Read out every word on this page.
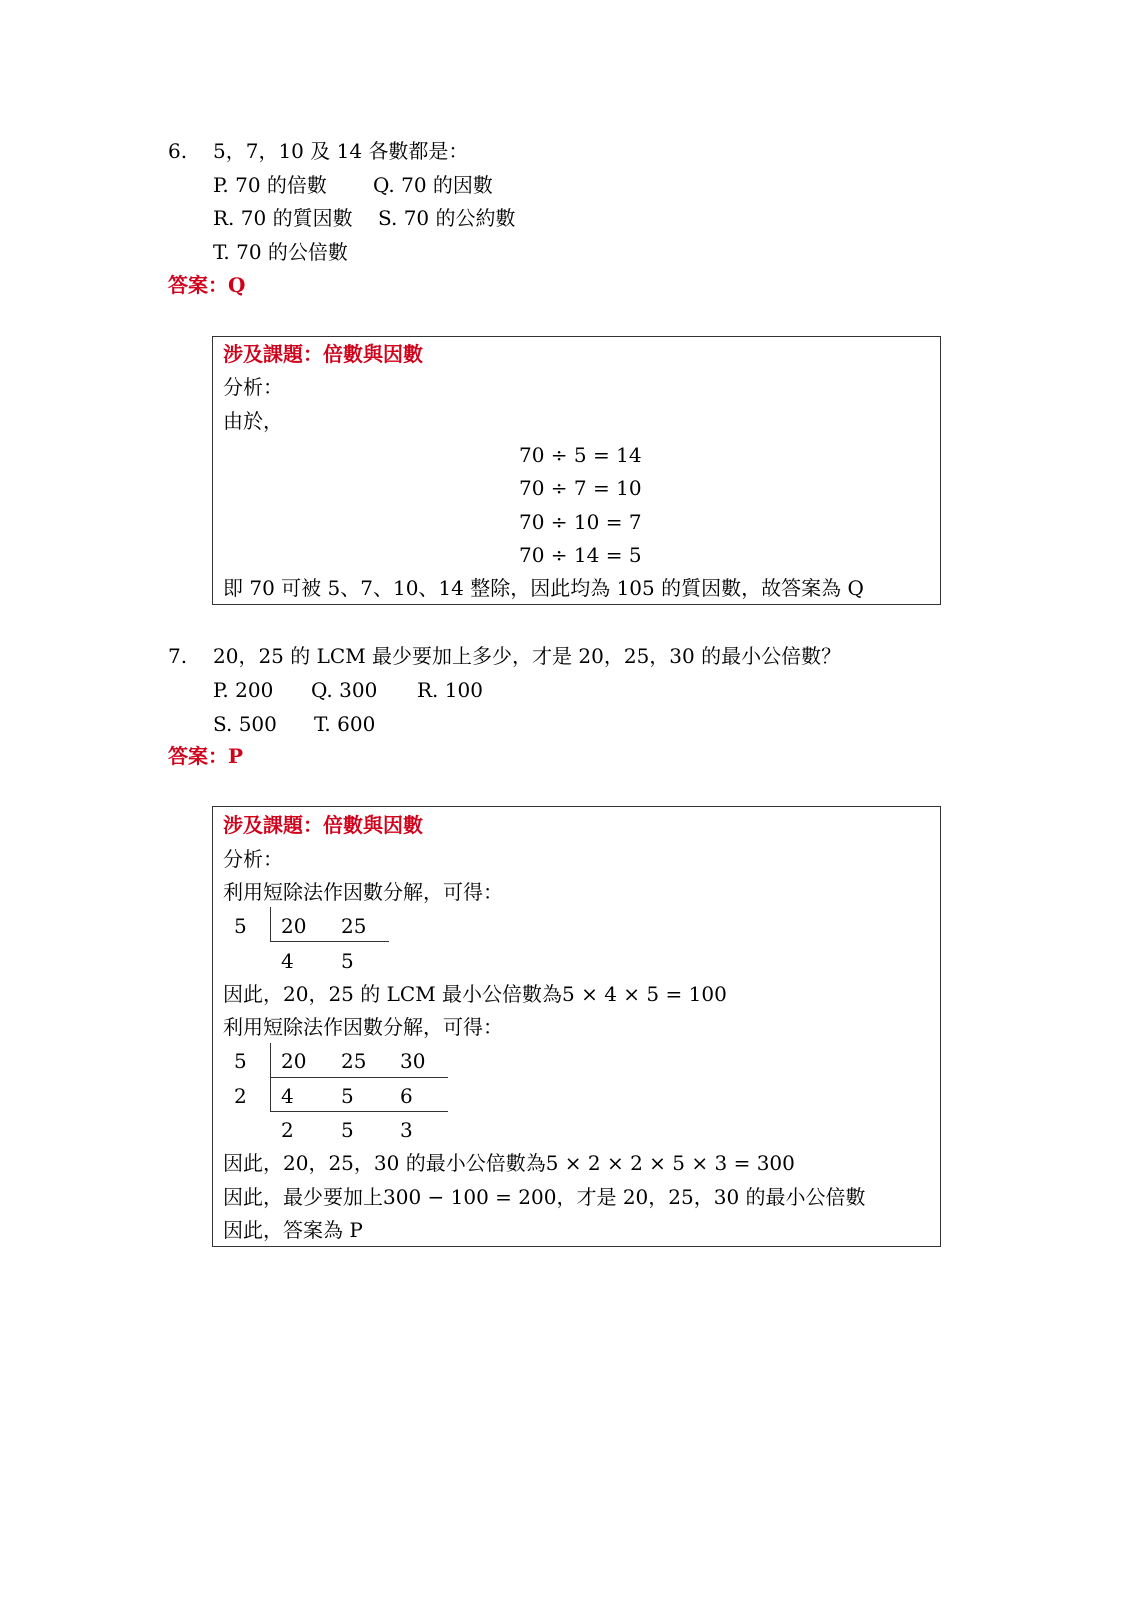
6. 5，7，10 及 14 各數都是：
P. 70 的倍數 Q. 70 的因數
R. 70 的質因數 S. 70 的公約數
T. 70 的公倍數
答案：Q
涉及課題：倍數與因數
分析：
由於，
70 ÷ 5 = 14
70 ÷ 7 = 10
70 ÷ 10 = 7
70 ÷ 14 = 5
即 70 可被 5、7、10、14 整除，因此均為 105 的質因數，故答案為 Q
7. 20，25 的 LCM 最少要加上多少，才是 20，25，30 的最小公倍數？
P. 200 Q. 300 R. 100
S. 500 T. 600
答案：P
涉及課題：倍數與因數
分析：
利用短除法作因數分解，可得：
5 20 25
4 5
因此，20，25 的 LCM 最小公倍數為5 × 4 × 5 = 100
利用短除法作因數分解，可得：
5
2
20 25 30
4 5 6
2 5 3
因此，20，25，30 的最小公倍數為5 × 2 × 2 × 5 × 3 = 300
因此，最少要加上300 − 100 = 200，才是 20，25，30 的最小公倍數
因此，答案為 P
